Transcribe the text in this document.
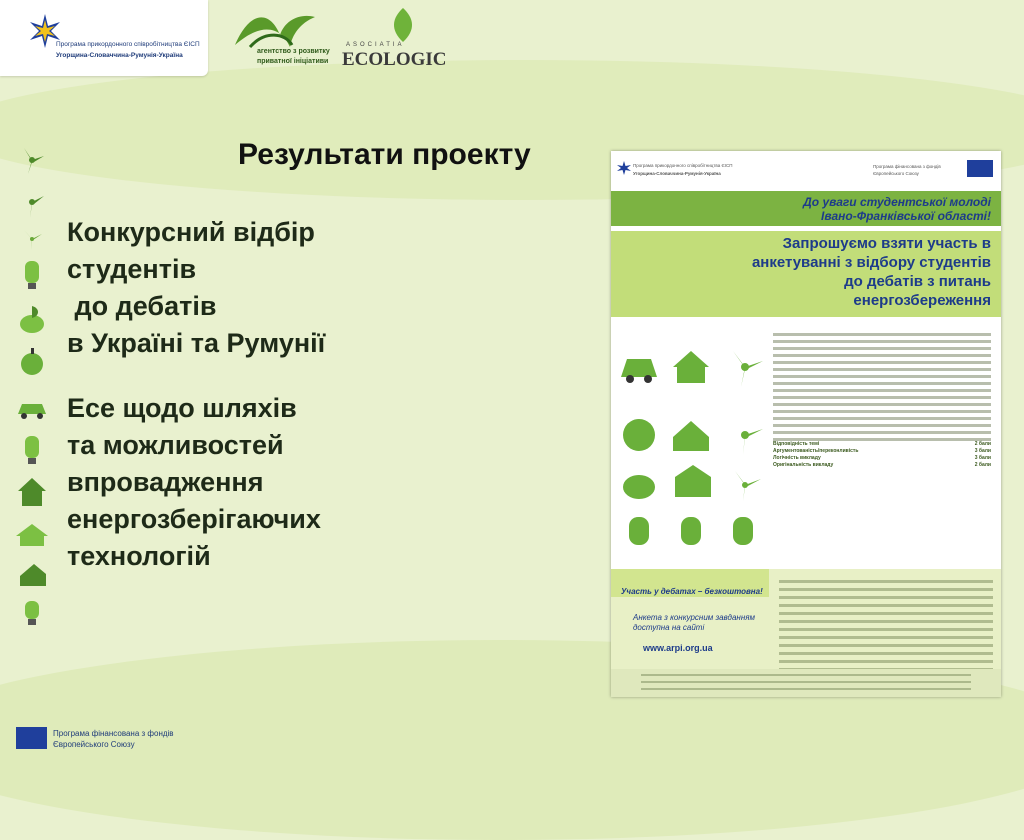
Програма прикордонного співробітництва ЄІСП
Угорщина-Словаччина-Румунія-Україна
агентство з розвитку
приватної ініціативи
ASOCIATIA
ECOLOGIC
Результати проекту
Конкурсний відбір
студентів
до дебатів
в Україні та Румунії
Есе щодо шляхів
та можливостей
впровадження
енергозберігаючих
технологій
Програма прикордонного співробітництва ЄІСП
Угорщина-Словаччина-Румунія-Україна
Програма фінансована з фондів
Європейського Союзу
До уваги студентської молоді
Івано-Франківської області!
Запрошуємо взяти участь в
анкетуванні з відбору студентів
до дебатів з питань
енергозбереження
Відповідність темі	2 бали
Аргументованість/переконливість	3 бали
Логічність викладу	3 бали
Оригінальність викладу	2 бали
Участь у дебатах – безкоштовна!
Анкета з конкурсним завданням
доступна на сайті
www.arpi.org.ua
Програма фінансована з фондів
Європейського Союзу
